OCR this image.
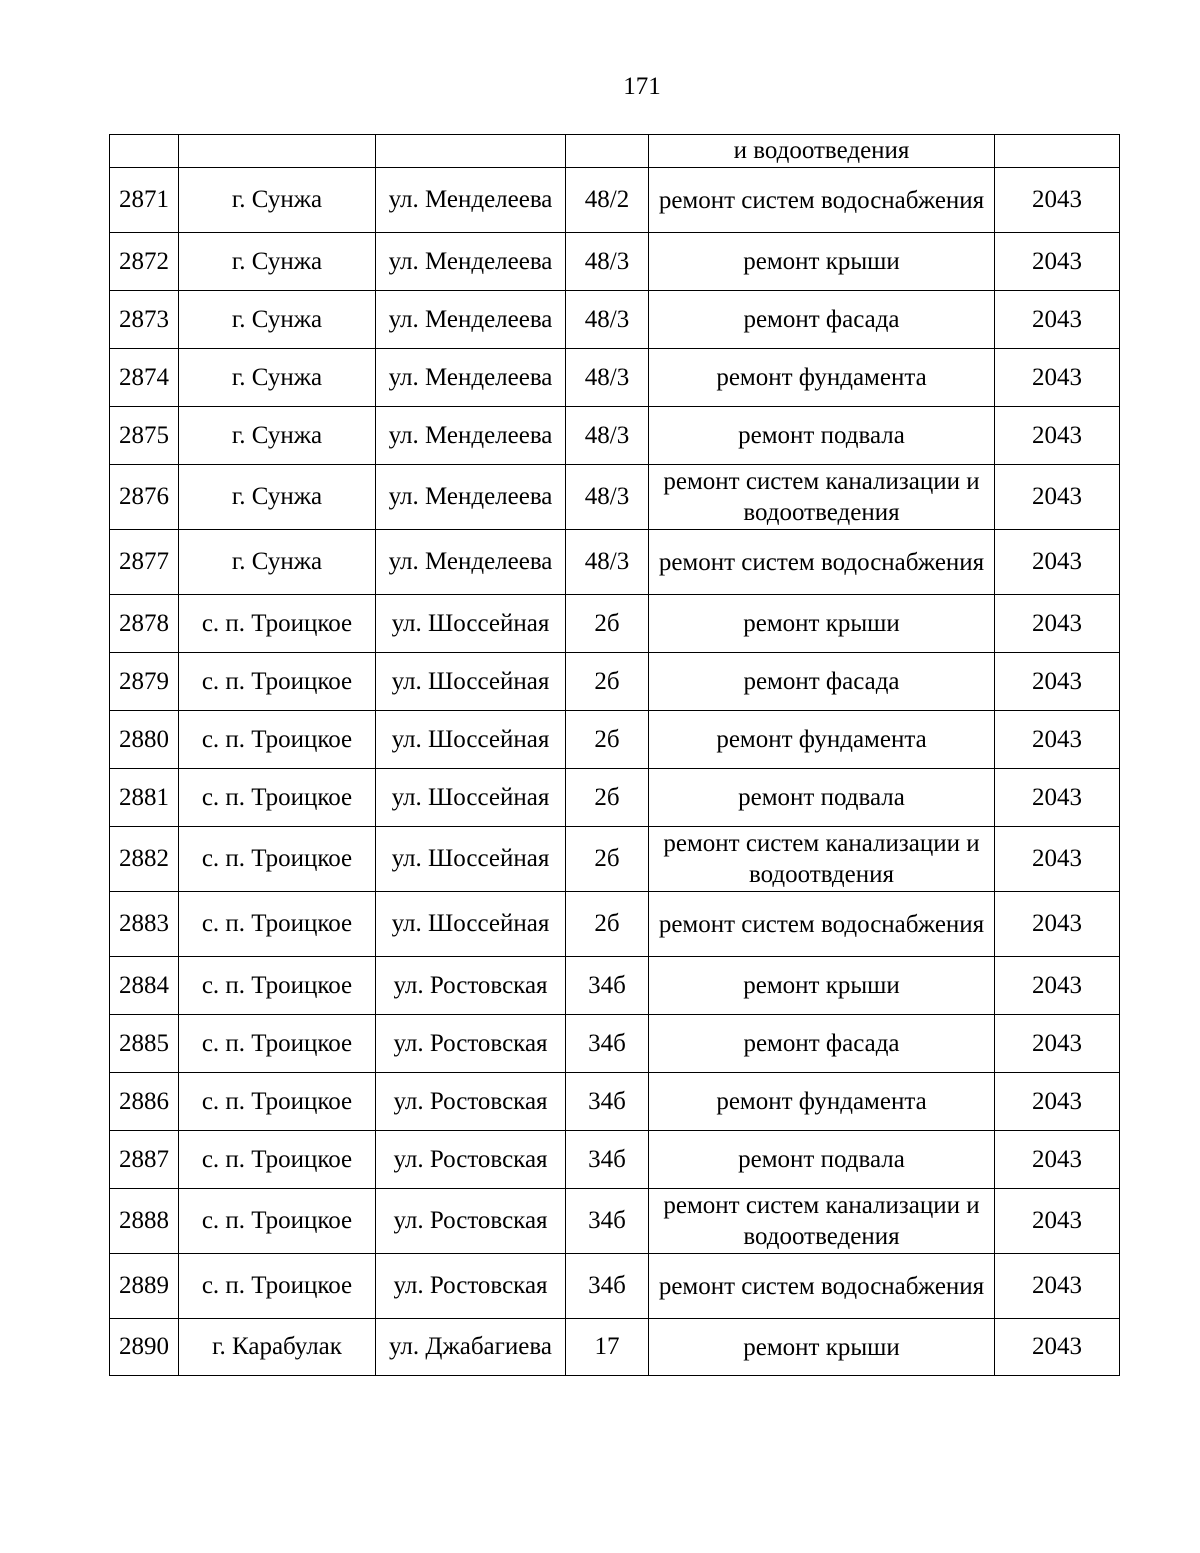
171
				и водоотведения	
2871	г. Сунжа	ул. Менделеева	48/2	ремонт систем водоснабжения	2043
2872	г. Сунжа	ул. Менделеева	48/3	ремонт крыши	2043
2873	г. Сунжа	ул. Менделеева	48/3	ремонт фасада	2043
2874	г. Сунжа	ул. Менделеева	48/3	ремонт фундамента	2043
2875	г. Сунжа	ул. Менделеева	48/3	ремонт подвала	2043
2876	г. Сунжа	ул. Менделеева	48/3	ремонт систем канализации и водоотведения	2043
2877	г. Сунжа	ул. Менделеева	48/3	ремонт систем водоснабжения	2043
2878	с. п. Троицкое	ул. Шоссейная	2б	ремонт крыши	2043
2879	с. п. Троицкое	ул. Шоссейная	2б	ремонт фасада	2043
2880	с. п. Троицкое	ул. Шоссейная	2б	ремонт фундамента	2043
2881	с. п. Троицкое	ул. Шоссейная	2б	ремонт подвала	2043
2882	с. п. Троицкое	ул. Шоссейная	2б	ремонт систем канализации и водоотвдения	2043
2883	с. п. Троицкое	ул. Шоссейная	2б	ремонт систем водоснабжения	2043
2884	с. п. Троицкое	ул. Ростовская	34б	ремонт крыши	2043
2885	с. п. Троицкое	ул. Ростовская	34б	ремонт фасада	2043
2886	с. п. Троицкое	ул. Ростовская	34б	ремонт фундамента	2043
2887	с. п. Троицкое	ул. Ростовская	34б	ремонт подвала	2043
2888	с. п. Троицкое	ул. Ростовская	34б	ремонт систем канализации и водоотведения	2043
2889	с. п. Троицкое	ул. Ростовская	34б	ремонт систем водоснабжения	2043
2890	г. Карабулак	ул. Джабагиева	17	ремонт крыши	2043
